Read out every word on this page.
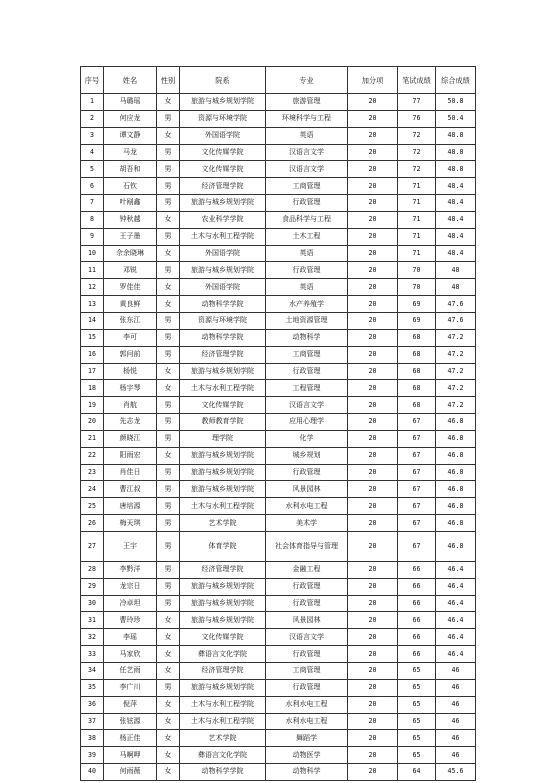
序号	姓名	性别	院系	专业	加分项	笔试成绩	综合成绩
1	马璐瑶	女	旅游与城乡规划学院	旅游管理	20	77	50.8
2	何应龙	男	资源与环境学院	环境科学与工程	20	76	50.4
3	谭文静	女	外国语学院	英语	20	72	48.8
4	马龙	男	文化传媒学院	汉语言文学	20	72	48.8
5	胡吾和	男	文化传媒学院	汉语言文学	20	72	48.8
6	石钦	男	经济管理学院	工商管理	20	71	48.4
7	叶剐鑫	男	旅游与城乡规划学院	行政管理	20	71	48.4
8	钟秋越	女	农业科学学院	食品科学与工程	20	71	48.4
9	王子墨	男	土木与水利工程学院	土木工程	20	71	48.4
10	佘余晓琳	女	外国语学院	英语	20	71	48.4
11	邓锐	男	旅游与城乡规划学院	行政管理	20	70	48
12	罗佳佳	女	外国语学院	英语	20	70	48
13	黄良鲜	女	动物科学学院	水产养殖学	20	69	47.6
14	张东江	男	资源与环境学院	土地资源管理	20	69	47.6
15	李可	男	动物科学学院	动物科学	20	68	47.2
16	郭问前	男	经济管理学院	工商管理	20	68	47.2
17	杨悦	女	旅游与城乡规划学院	行政管理	20	68	47.2
18	杨宇琴	女	土木与水利工程学院	工程管理	20	68	47.2
19	肖航	男	文化传媒学院	汉语言文学	20	68	47.2
20	先志龙	男	教师教育学院	应用心理学	20	67	46.8
21	颜晓江	男	理学院	化学	20	67	46.8
22	阳雨宏	女	旅游与城乡规划学院	城乡规划	20	67	46.8
23	肖佳日	男	旅游与城乡规划学院	行政管理	20	67	46.8
24	曹江叔	男	旅游与城乡规划学院	风景园林	20	67	46.8
25	唐培源	男	土木与水利工程学院	水利水电工程	20	67	46.8
26	梅天琪	男	艺术学院	美术学	20	67	46.8
27	王宇	男	体育学院	社会体育指导与管理	20	67	46.8
28	李黔洋	男	经济管理学院	金融工程	20	66	46.4
29	龙宗日	男	旅游与城乡规划学院	行政管理	20	66	46.4
30	冷卓坦	男	旅游与城乡规划学院	行政管理	20	66	46.4
31	曹玲珍	女	旅游与城乡规划学院	风景园林	20	66	46.4
32	李瑶	女	文化传媒学院	汉语言文学	20	66	46.4
33	马家欣	女	彝语言文化学院	行政管理	20	66	46.4
34	任艺雨	女	经济管理学院	工商管理	20	65	46
35	李广川	男	旅游与城乡规划学院	行政管理	20	65	46
36	倪萍	女	土木与水利工程学院	水利水电工程	20	65	46
37	张铉源	女	土木与水利工程学院	水利水电工程	20	65	46
38	杨正佳	女	艺术学院	舞蹈学	20	65	46
39	马啊呷	女	彝语言文化学院	动物医学	20	65	46
40	何雨薇	女	动物科学学院	动物科学	20	64	45.6
